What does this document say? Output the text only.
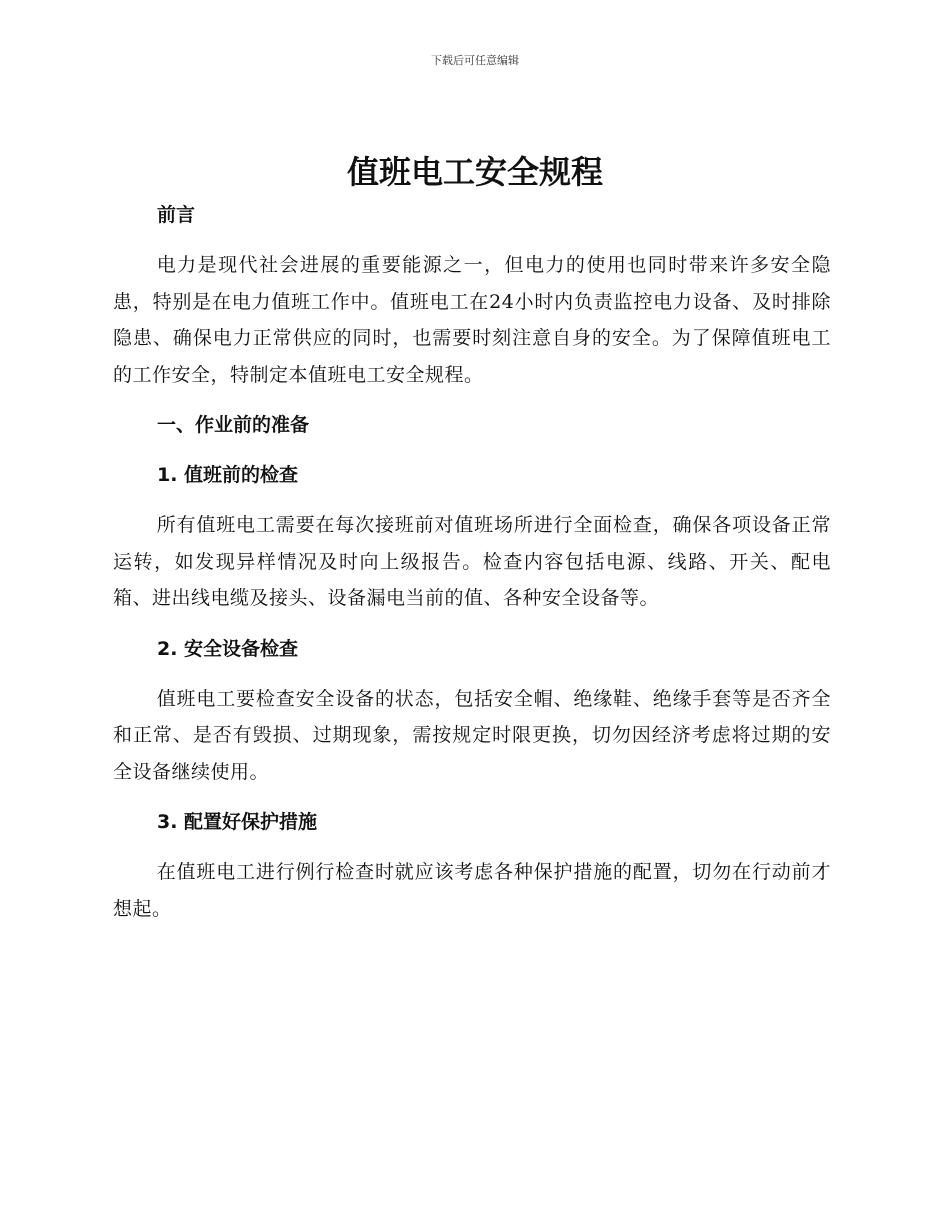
下载后可任意编辑
值班电工安全规程
前言

电力是现代社会进展的重要能源之一，但电力的使用也同时带来许多安全隐患，特别是在电力值班工作中。值班电工在24小时内负责监控电力设备、及时排除隐患、确保电力正常供应的同时，也需要时刻注意自身的安全。为了保障值班电工的工作安全，特制定本值班电工安全规程。

一、作业前的准备
1. 值班前的检查

所有值班电工需要在每次接班前对值班场所进行全面检查，确保各项设备正常运转，如发现异样情况及时向上级报告。检查内容包括电源、线路、开关、配电箱、进出线电缆及接头、设备漏电当前的值、各种安全设备等。

2. 安全设备检查

值班电工要检查安全设备的状态，包括安全帽、绝缘鞋、绝缘手套等是否齐全和正常、是否有毁损、过期现象，需按规定时限更换，切勿因经济考虑将过期的安全设备继续使用。

3. 配置好保护措施

在值班电工进行例行检查时就应该考虑各种保护措施的配置，切勿在行动前才想起。
